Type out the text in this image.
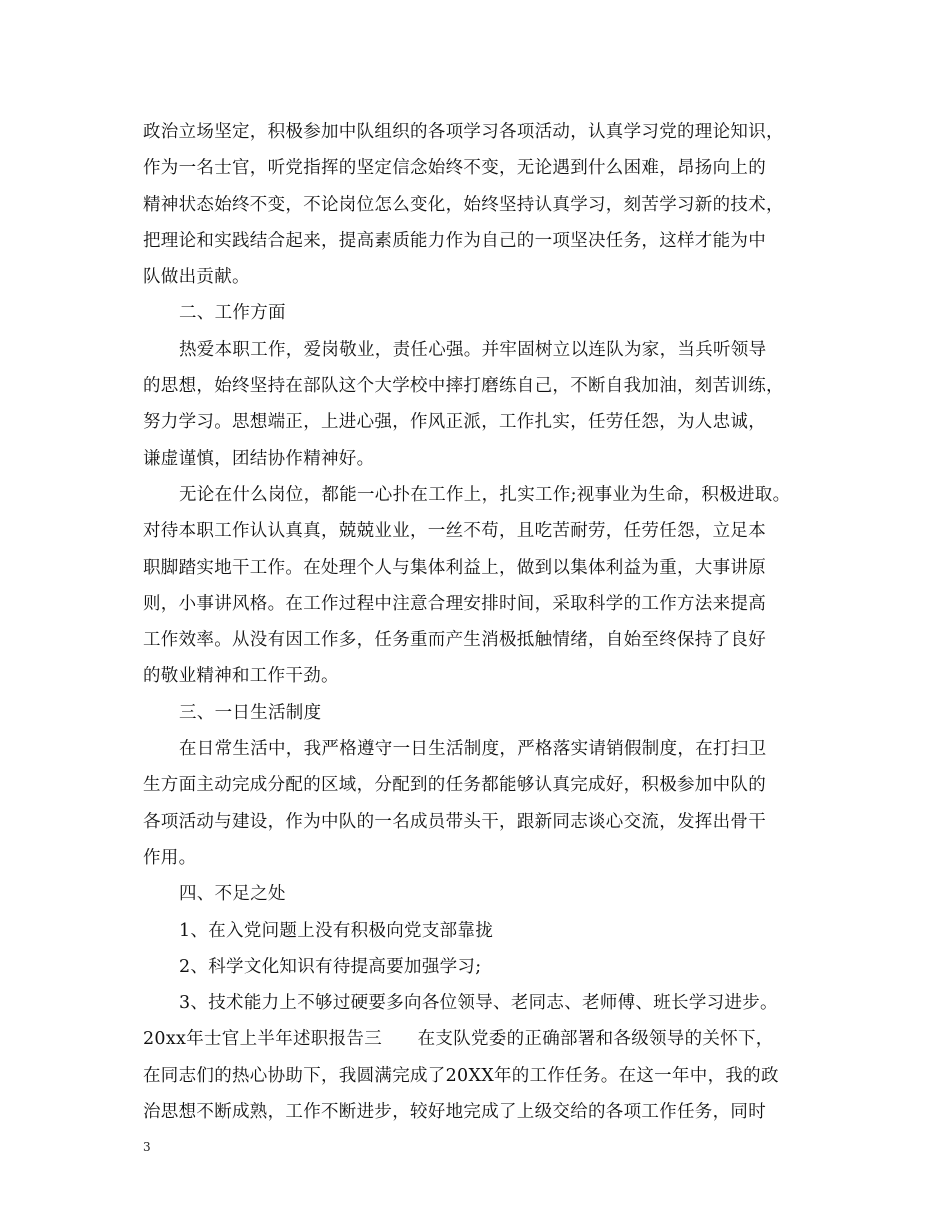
政治立场坚定，积极参加中队组织的各项学习各项活动，认真学习党的理论知识，
作为一名士官，听党指挥的坚定信念始终不变，无论遇到什么困难，昂扬向上的
精神状态始终不变，不论岗位怎么变化，始终坚持认真学习，刻苦学习新的技术，
把理论和实践结合起来，提高素质能力作为自己的一项坚决任务，这样才能为中
队做出贡献。
二、工作方面
热爱本职工作，爱岗敬业，责任心强。并牢固树立以连队为家，当兵听领导
的思想，始终坚持在部队这个大学校中摔打磨练自己，不断自我加油，刻苦训练，
努力学习。思想端正，上进心强，作风正派，工作扎实，任劳任怨，为人忠诚，
谦虚谨慎，团结协作精神好。
无论在什么岗位，都能一心扑在工作上，扎实工作;视事业为生命，积极进取。
对待本职工作认认真真，兢兢业业，一丝不苟，且吃苦耐劳，任劳任怨，立足本
职脚踏实地干工作。在处理个人与集体利益上，做到以集体利益为重，大事讲原
则，小事讲风格。在工作过程中注意合理安排时间，采取科学的工作方法来提高
工作效率。从没有因工作多，任务重而产生消极抵触情绪，自始至终保持了良好
的敬业精神和工作干劲。
三、一日生活制度
在日常生活中，我严格遵守一日生活制度，严格落实请销假制度，在打扫卫
生方面主动完成分配的区域，分配到的任务都能够认真完成好，积极参加中队的
各项活动与建设，作为中队的一名成员带头干，跟新同志谈心交流，发挥出骨干
作用。
四、不足之处
1、在入党问题上没有积极向党支部靠拢
2、科学文化知识有待提高要加强学习;
3、技术能力上不够过硬要多向各位领导、老同志、老师傅、班长学习进步。
20xx年士官上半年述职报告三　　在支队党委的正确部署和各级领导的关怀下，
在同志们的热心协助下，我圆满完成了20XX年的工作任务。在这一年中，我的政
治思想不断成熟，工作不断进步，较好地完成了上级交给的各项工作任务，同时
3
